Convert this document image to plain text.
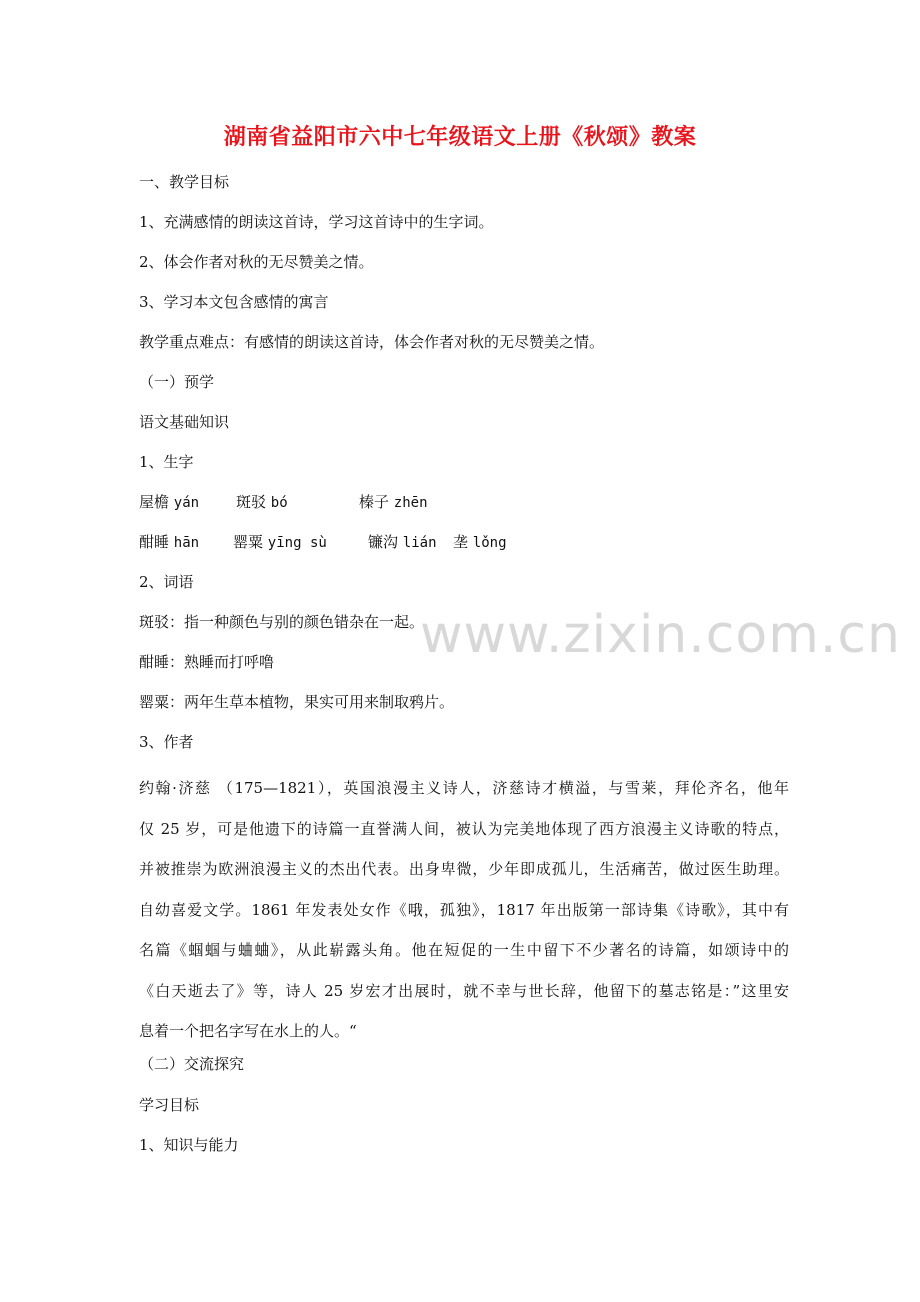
www.zixin.com.cn
湖南省益阳市六中七年级语文上册《秋颂》教案
一、教学目标
1、充满感情的朗读这首诗，学习这首诗中的生字词。
2、体会作者对秋的无尽赞美之情。
3、学习本文包含感情的寓言
教学重点难点：有感情的朗读这首诗，体会作者对秋的无尽赞美之情。
（一）预学
语文基础知识
1、生字
屋檐 yán 斑驳 bó	榛子 zhēn
酣睡 hān 罂粟 yīng sù	镰沟 lián 垄 lǒng
2、词语
斑驳：指一种颜色与别的颜色错杂在一起。
酣睡：熟睡而打呼噜
罂粟：两年生草本植物，果实可用来制取鸦片。
3、作者
约翰·济慈 （175—1821），英国浪漫主义诗人，济慈诗才横溢，与雪莱，拜伦齐名，他年
仅 25 岁，可是他遗下的诗篇一直誉满人间，被认为完美地体现了西方浪漫主义诗歌的特点，
并被推崇为欧洲浪漫主义的杰出代表。出身卑微，少年即成孤儿，生活痛苦，做过医生助理。
自幼喜爱文学。1861 年发表处女作《哦，孤独》，1817 年出版第一部诗集《诗歌》，其中有
名篇《蝈蝈与蛐蛐》，从此崭露头角。他在短促的一生中留下不少著名的诗篇，如颂诗中的
《白天逝去了》等，诗人 25 岁宏才出展时，就不幸与世长辞，他留下的墓志铭是：”这里安
息着一个把名字写在水上的人。“
（二）交流探究
学习目标
1、知识与能力
